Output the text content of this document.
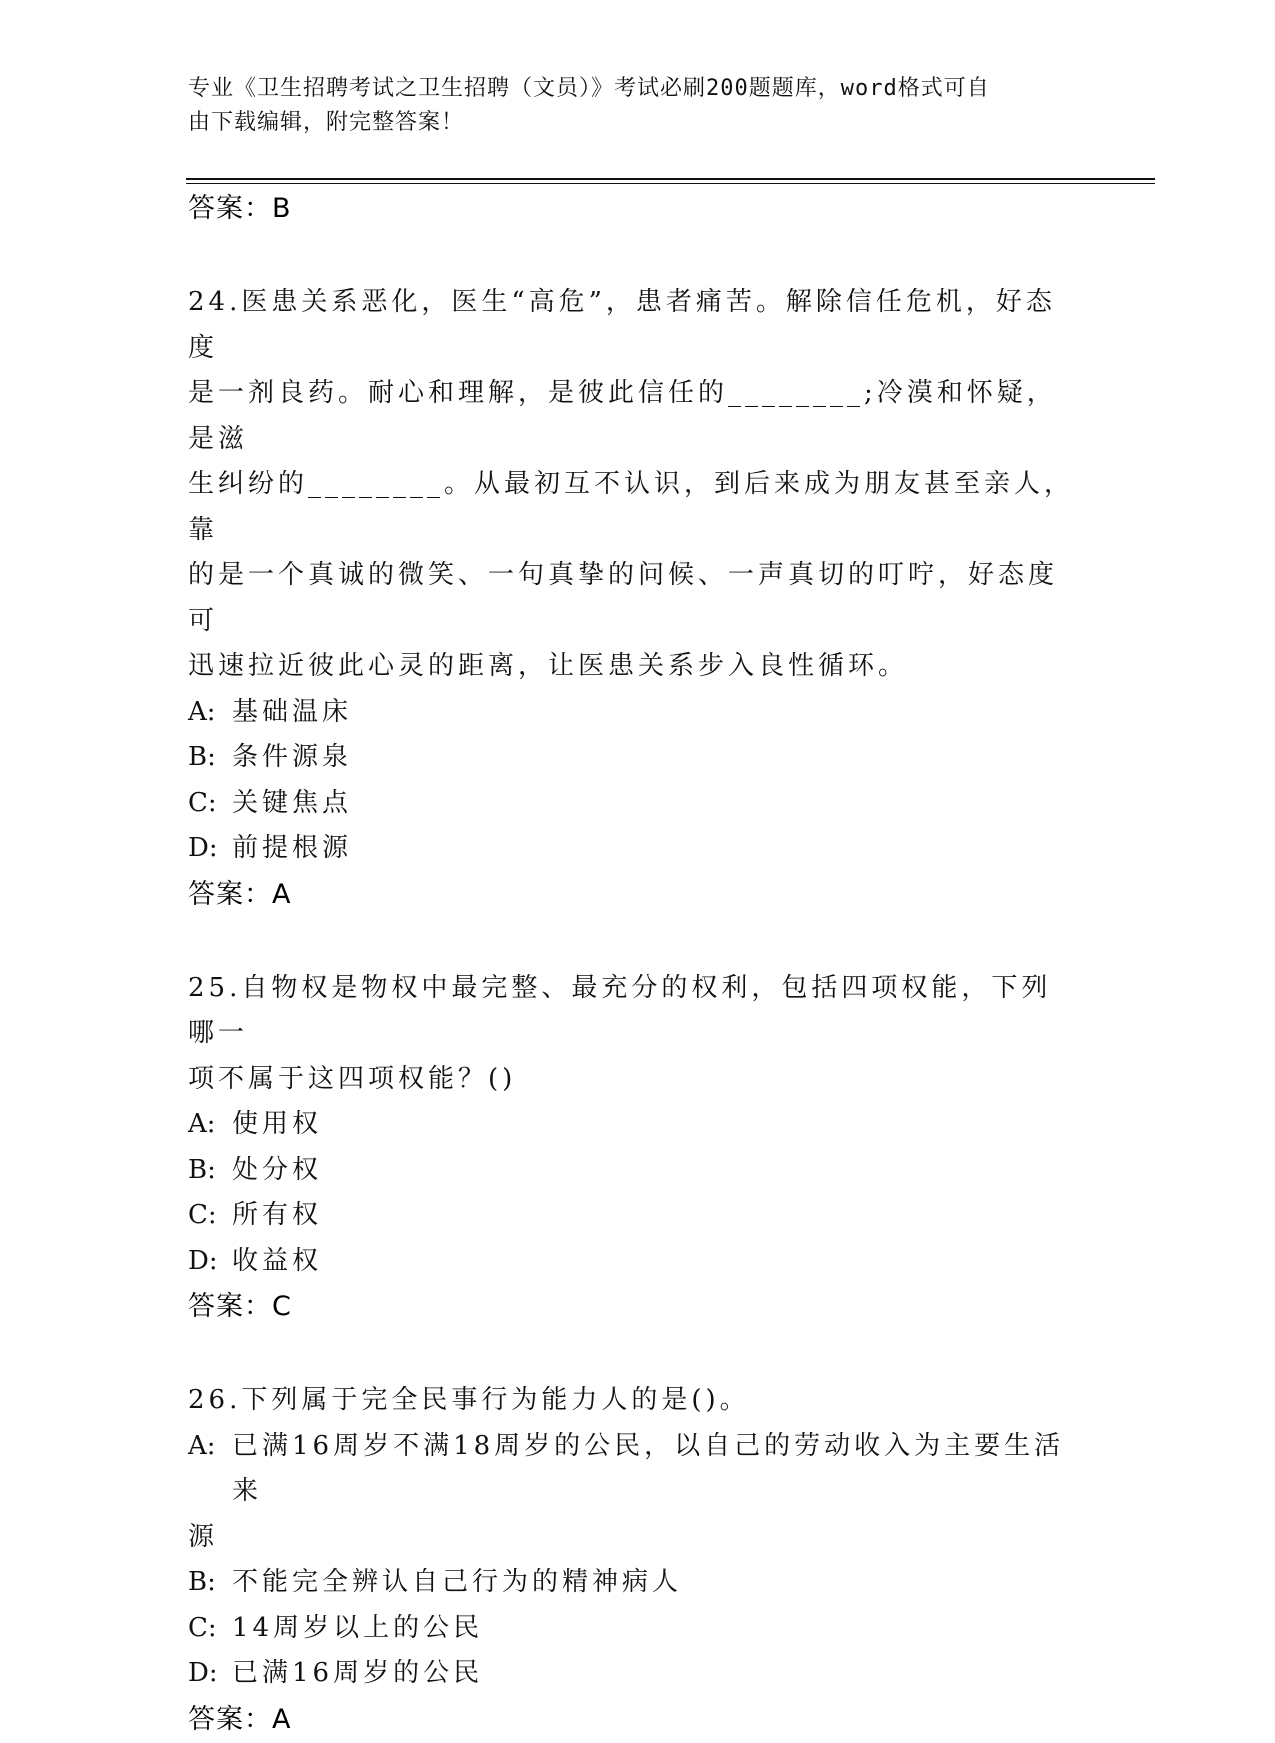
专业《卫生招聘考试之卫生招聘（文员）》考试必刷200题题库，word格式可自
由下载编辑，附完整答案！
答案：B
24.医患关系恶化，医生“高危”，患者痛苦。解除信任危机，好态度
是一剂良药。耐心和理解，是彼此信任的________;冷漠和怀疑，是滋
生纠纷的________。从最初互不认识，到后来成为朋友甚至亲人，靠
的是一个真诚的微笑、一句真挚的问候、一声真切的叮咛，好态度可
迅速拉近彼此心灵的距离，让医患关系步入良性循环。
A: 基础温床
B: 条件源泉
C: 关键焦点
D: 前提根源
答案：A
25.自物权是物权中最完整、最充分的权利，包括四项权能，下列哪一
项不属于这四项权能？()
A: 使用权
B: 处分权
C: 所有权
D: 收益权
答案：C
26.下列属于完全民事行为能力人的是()。
A: 已满16周岁不满18周岁的公民，以自己的劳动收入为主要生活来
源
B: 不能完全辨认自己行为的精神病人
C: 14周岁以上的公民
D: 已满16周岁的公民
答案：A
